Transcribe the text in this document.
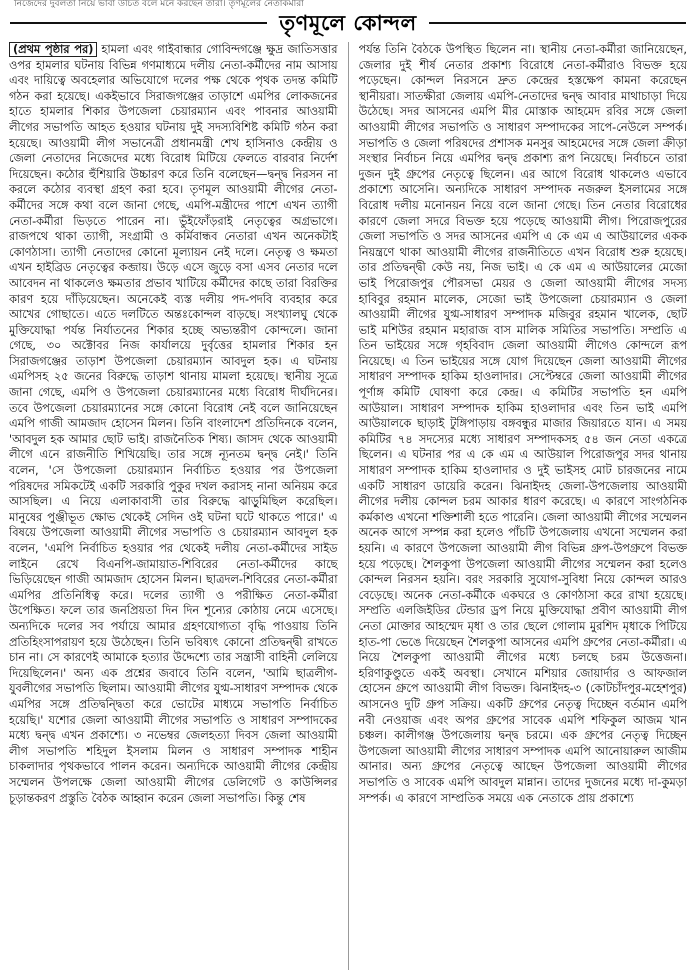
নিজেদের দুর্বলতা নিয়ে ভাবা উচিত বলে মনে করছেন তারা। তৃণমূলের নেতাকর্মীরা
তৃণমূলে কোন্দল

(প্রথম পৃষ্ঠার পর) হামলা এবং গাইবান্ধার গোবিন্দগঞ্জে ক্ষুদ্র জাতিসত্তার ওপর হামলার ঘটনায় বিভিন্ন গণমাধ্যমে দলীয় নেতা-কর্মীদের নাম আসায় এবং দায়িত্বে অবহেলার অভিযোগে দলের পক্ষ থেকে পৃথক তদন্ত কমিটি গঠন করা হয়েছে। একইভাবে সিরাজগঞ্জের তাড়াশে এমপির লোকজনের হাতে হামলার শিকার উপজেলা চেয়ারম্যান এবং পাবনার আওয়ামী লীগের সভাপতি আহত হওয়ার ঘটনায় দুই সদস্যবিশিষ্ট কমিটি গঠন করা হয়েছে। আওয়ামী লীগ সভানেত্রী প্রধানমন্ত্রী শেখ হাসিনাও কেন্দ্রীয় ও জেলা নেতাদের নিজেদের মধ্যে বিরোধ মিটিয়ে ফেলতে বারবার নির্দেশ দিয়েছেন। কঠোর হুঁশিয়ারি উচ্চারণ করে তিনি বলেছেন—দ্বন্দ্ব নিরসন না করলে কঠোর ব্যবস্থা গ্রহণ করা হবে। তৃণমূল আওয়ামী লীগের নেতা-কর্মীদের সঙ্গে কথা বলে জানা গেছে, এমপি-মন্ত্রীদের পাশে এখন ত্যাগী নেতা-কর্মীরা ভিড়তে পারেন না। ভুঁইফোঁড়রাই নেতৃত্বের অগ্রভাগে। রাজপথে থাকা ত্যাগী, সংগ্রামী ও কর্মিবান্ধব নেতারা এখন অনেকটাই কোণঠাসা। ত্যাগী নেতাদের কোনো মূল্যায়ন নেই দলে। নেতৃত্ব ও ক্ষমতা এখন হাইব্রিড নেতৃত্বের কব্জায়। উড়ে এসে জুড়ে বসা এসব নেতার দলে আবেদন না থাকলেও ক্ষমতার প্রভাব খাটিয়ে কর্মীদের কাছে তারা বিরক্তির কারণ হয়ে দাঁড়িয়েছেন। অনেকেই ব্যস্ত দলীয় পদ-পদবি ব্যবহার করে আখের গোছাতে। এতে দলটিতে অন্তঃকোন্দল বাড়ছে। সংখ্যালঘু থেকে মুক্তিযোদ্ধা পর্যন্ত নির্যাতনের শিকার হচ্ছে অভ্যন্তরীণ কোন্দলে। জানা গেছে, ৩০ অক্টোবর নিজ কার্যালয়ে দুর্বৃত্তের হামলার শিকার হন সিরাজগঞ্জের তাড়াশ উপজেলা চেয়ারম্যান আবদুল হক। এ ঘটনায় এমপিসহ ২৫ জনের বিরুদ্ধে তাড়াশ থানায় মামলা হয়েছে। স্থানীয় সূত্রে জানা গেছে, এমপি ও উপজেলা চেয়ারম্যানের মধ্যে বিরোধ দীর্ঘদিনের। তবে উপজেলা চেয়ারম্যানের সঙ্গে কোনো বিরোধ নেই বলে জানিয়েছেন এমপি গাজী আমজাদ হোসেন মিলন। তিনি বাংলাদেশ প্রতিদিনকে বলেন, 'আবদুল হক আমার ছোট ভাই। রাজনৈতিক শিষ্য। জাসদ থেকে আওয়ামী লীগে এনে রাজনীতি শিখিয়েছি। তার সঙ্গে ন্যূনতম দ্বন্দ্ব নেই।' তিনি বলেন, 'সে উপজেলা চেয়ারম্যান নির্বাচিত হওয়ার পর উপজেলা পরিষদের সমিকটেই একটি সরকারি পুকুর দখল করাসহ নানা অনিয়ম করে আসছিল। এ নিয়ে এলাকাবাসী তার বিরুদ্ধে ঝাড়ুমিছিল করেছিল। মানুষের পুঞ্জীভূত ক্ষোভ থেকেই সেদিন ওই ঘটনা ঘটে থাকতে পারে।' এ বিষয়ে উপজেলা আওয়ামী লীগের সভাপতি ও চেয়ারম্যান আবদুল হক বলেন, 'এমপি নির্বাচিত হওয়ার পর থেকেই দলীয় নেতা-কর্মীদের সাইড লাইনে রেখে বিএনপি-জামায়াত-শিবিরের নেতা-কর্মীদের কাছে ভিড়িয়েছেন গাজী আমজাদ হোসেন মিলন। ছাত্রদল-শিবিরের নেতা-কর্মীরা এমপির প্রতিনিধিত্ব করে। দলের ত্যাগী ও পরীক্ষিত নেতা-কর্মীরা উপেক্ষিত। ফলে তার জনপ্রিয়তা দিন দিন শূন্যের কোঠায় নেমে এসেছে। অন্যদিকে দলের সব পর্যায়ে আমার গ্রহণযোগ্যতা বৃদ্ধি পাওয়ায় তিনি প্রতিহিংসাপরায়ণ হয়ে উঠেছেন। তিনি ভবিষ্যৎ কোনো প্রতিদ্বন্দ্বী রাখতে চান না। সে কারণেই আমাকে হত্যার উদ্দেশ্যে তার সন্ত্রাসী বাহিনী লেলিয়ে দিয়েছিলেন।' অন্য এক প্রশ্নের জবাবে তিনি বলেন, 'আমি ছাত্রলীগ-যুবলীগের সভাপতি ছিলাম। আওয়ামী লীগের যুগ্ম-সাধারণ সম্পাদক থেকে এমপির সঙ্গে প্রতিদ্বন্দ্বিতা করে ভোটের মাধ্যমে সভাপতি নির্বাচিত হয়েছি।' যশোর জেলা আওয়ামী লীগের সভাপতি ও সাধারণ সম্পাদকের মধ্যে দ্বন্দ্ব এখন প্রকাশ্যে। ৩ নভেম্বর জেলহত্যা দিবস জেলা আওয়ামী লীগ সভাপতি শহিদুল ইসলাম মিলন ও সাধারণ সম্পাদক শাহীন চাকলাদার পৃথকভাবে পালন করেন। অন্যদিকে আওয়ামী লীগের কেন্দ্রীয় সম্মেলন উপলক্ষে জেলা আওয়ামী লীগের ডেলিগেট ও কাউন্সিলর চূড়ান্তকরণ প্রস্তুতি বৈঠক আহ্বান করেন জেলা সভাপতি। কিন্তু শেষ

পর্যন্ত তিনি বৈঠকে উপস্থিত ছিলেন না। স্থানীয় নেতা-কর্মীরা জানিয়েছেন, জেলার দুই শীর্ষ নেতার প্রকাশ্য বিরোধে নেতা-কর্মীরাও বিভক্ত হয়ে পড়েছেন। কোন্দল নিরসনে দ্রুত কেন্দ্রের হস্তক্ষেপ কামনা করেছেন স্থানীয়রা। সাতক্ষীরা জেলায় এমপি-নেতাদের দ্বন্দ্ব আবার মাথাচাড়া দিয়ে উঠেছে। সদর আসনের এমপি মীর মোস্তাক আহমেদ রবির সঙ্গে জেলা আওয়ামী লীগের সভাপতি ও সাধারণ সম্পাদকের সাপে-নেউলে সম্পর্ক। সভাপতি ও জেলা পরিষদের প্রশাসক মনসুর আহমেদের সঙ্গে জেলা ক্রীড়া সংস্থার নির্বাচন নিয়ে এমপির দ্বন্দ্ব প্রকাশ্য রূপ নিয়েছে। নির্বাচনে তারা দুজন দুই গ্রুপের নেতৃত্বে ছিলেন। এর আগে বিরোধ থাকলেও এভাবে প্রকাশ্যে আসেনি। অন্যদিকে সাধারণ সম্পাদক নজরুল ইসলামের সঙ্গে বিরোধ দলীয় মনোনয়ন নিয়ে বলে জানা গেছে। তিন নেতার বিরোধের কারণে জেলা সদরে বিভক্ত হয়ে পড়েছে আওয়ামী লীগ। পিরোজপুরের জেলা সভাপতি ও সদর আসনের এমপি এ কে এম এ আউয়ালের একক নিয়ন্ত্রণে থাকা আওয়ামী লীগের রাজনীতিতে এখন বিরোধ শুরু হয়েছে। তার প্রতিদ্বন্দ্বী কেউ নয়, নিজ ভাই। এ কে এম এ আউয়ালের মেজো ভাই পিরোজপুর পৌরসভা মেয়র ও জেলা আওয়ামী লীগের সদস্য হাবিবুর রহমান মালেক, সেজো ভাই উপজেলা চেয়ারম্যান ও জেলা আওয়ামী লীগের যুগ্ম-সাধারণ সম্পাদক মজিবুর রহমান খালেক, ছোট ভাই মশিউর রহমান মহারাজ বাস মালিক সমিতির সভাপতি। সম্প্রতি এ তিন ভাইয়ের সঙ্গে গৃহবিবাদ জেলা আওয়ামী লীগেও কোন্দলে রূপ নিয়েছে। এ তিন ভাইয়ের সঙ্গে যোগ দিয়েছেন জেলা আওয়ামী লীগের সাধারণ সম্পাদক হাকিম হাওলাদার। সেপ্টেম্বরে জেলা আওয়ামী লীগের পূর্ণাঙ্গ কমিটি ঘোষণা করে কেন্দ্র। এ কমিটির সভাপতি হন এমপি আউয়াল। সাধারণ সম্পাদক হাকিম হাওলাদার এবং তিন ভাই এমপি আউয়ালকে ছাড়াই টুঙ্গিপাড়ায় বঙ্গবন্ধুর মাজার জিয়ারতে যান। এ সময় কমিটির ৭৪ সদস্যের মধ্যে সাধারণ সম্পাদকসহ ৫৪ জন নেতা একত্রে ছিলেন। এ ঘটনার পর এ কে এম এ আউয়াল পিরোজপুর সদর থানায় সাধারণ সম্পাদক হাকিম হাওলাদার ও দুই ভাইসহ মোট চারজনের নামে একটি সাধারণ ডায়েরি করেন। ঝিনাইদহ জেলা-উপজেলায় আওয়ামী লীগের দলীয় কোন্দল চরম আকার ধারণ করেছে। এ কারণে সাংগঠনিক কর্মকাণ্ড এখনো শক্তিশালী হতে পারেনি। জেলা আওয়ামী লীগের সম্মেলন অনেক আগে সম্পন্ন করা হলেও পাঁচটি উপজেলায় এখনো সম্মেলন করা হয়নি। এ কারণে উপজেলা আওয়ামী লীগ বিভিন্ন গ্রুপ-উপগ্রুপে বিভক্ত হয়ে পড়েছে। শৈলকুপা উপজেলা আওয়ামী লীগের সম্মেলন করা হলেও কোন্দল নিরসন হয়নি। বরং সরকারি সুযোগ-সুবিধা নিয়ে কোন্দল আরও বেড়েছে। অনেক নেতা-কর্মীকে একঘরে ও কোণঠাসা করে রাখা হয়েছে। সম্প্রতি এলজিইডির টেন্ডার ড্রপ নিয়ে মুক্তিযোদ্ধা প্রবীণ আওয়ামী লীগ নেতা মোক্তার আহম্মেদ মৃধা ও তার ছেলে গোলাম মুরশিদ মৃধাকে পিটিয়ে হাত-পা ভেঙে দিয়েছেন শৈলকুপা আসনের এমপি গ্রুপের নেতা-কর্মীরা। এ নিয়ে শৈলকুপা আওয়ামী লীগের মধ্যে চলছে চরম উত্তেজনা। হরিণাকুণ্ডুতে একই অবস্থা। সেখানে মশিয়ার জোয়ার্দার ও আফজাল হোসেন গ্রুপে আওয়ামী লীগ বিভক্ত। ঝিনাইদহ-৩ (কোটচাঁদপুর-মহেশপুর) আসনেও দুটি গ্রুপ সক্রিয়। একটি গ্রুপের নেতৃত্ব দিচ্ছেন বর্তমান এমপি নবী নেওয়াজ এবং অপর গ্রুপের সাবেক এমপি শফিকুল আজম খান চঞ্চল। কালীগঞ্জ উপজেলায় দ্বন্দ্ব চরমে। এক গ্রুপের নেতৃত্ব দিচ্ছেন উপজেলা আওয়ামী লীগের সাধারণ সম্পাদক এমপি আনোয়ারুল আজীম আনার। অন্য গ্রুপের নেতৃত্বে আছেন উপজেলা আওয়ামী লীগের সভাপতি ও সাবেক এমপি আবদুল মান্নান। তাদের দুজনের মধ্যে দা-কুমড়া সম্পর্ক। এ কারণে সাম্প্রতিক সময়ে এক নেতাকে প্রায় প্রকাশ্যে
